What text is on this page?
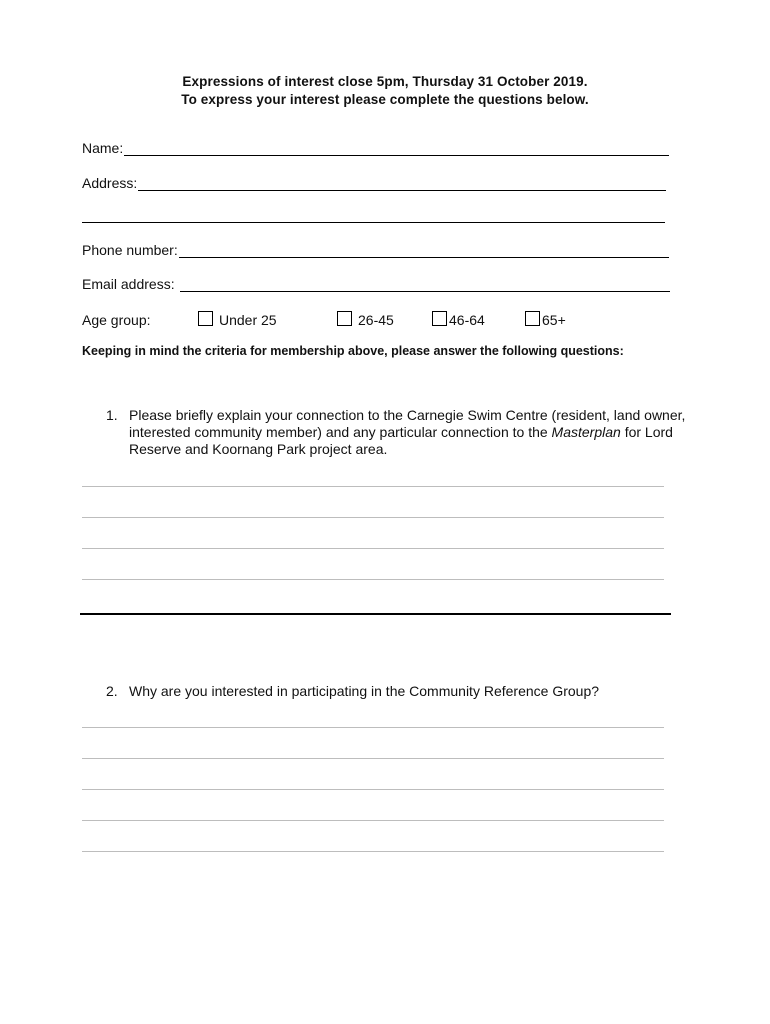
Expressions of interest close 5pm, Thursday 31 October 2019.
To express your interest please complete the questions below.
Name:
Address:
Phone number:
Email address:
Age group:	Under 25	26-45	46-64	65+
Keeping in mind the criteria for membership above, please answer the following questions:
1. Please briefly explain your connection to the Carnegie Swim Centre (resident, land owner, interested community member) and any particular connection to the Masterplan for Lord Reserve and Koornang Park project area.
2. Why are you interested in participating in the Community Reference Group?
